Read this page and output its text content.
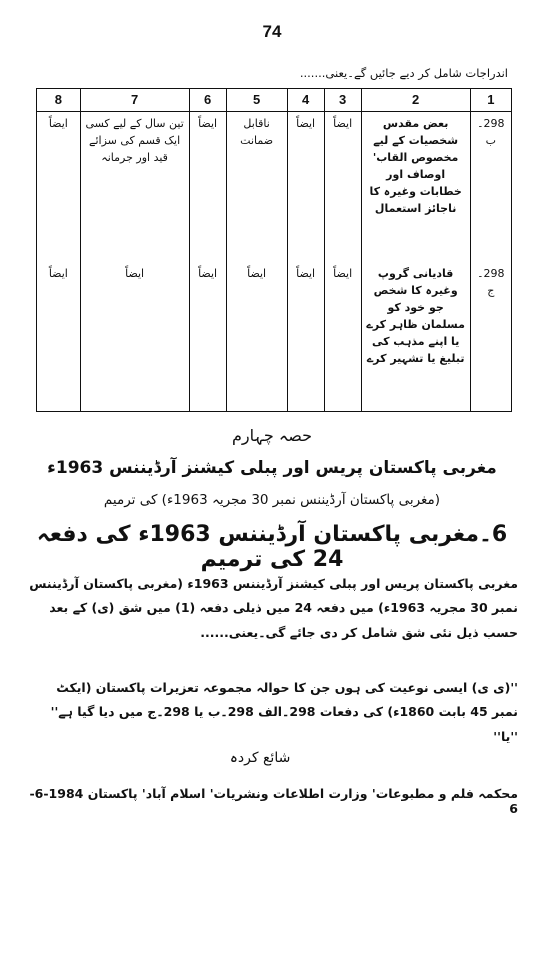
74
اندراجات شامل کر دیے جائیں گے۔یعنی.......
1	2	3	4	5	6	7	8
298۔ ب	بعض مقدس شخصیات کے لیے مخصوص القاب' اوصاف اور خطابات وغیرہ کا ناجائز استعمال	ایضاً	ایضاً	ناقابل ضمانت	ایضاً	تین سال کے لیے کسی ایک قسم کی سزائے قید اور جرمانہ	ایضاً
298۔ ج	قادیانی گروپ وغیرہ کا شخص جو خود کو مسلمان ظاہر کرے یا اپنے مذہب کی تبلیغ یا تشہیر کرے	ایضاً	ایضاً	ایضاً	ایضاً	ایضاً	ایضاً
حصہ چہارم
مغربی پاکستان پریس اور پبلی کیشنز آرڈیننس 1963ء
(مغربی پاکستان آرڈیننس نمبر 30 مجریہ 1963ء) کی ترمیم
6۔مغربی پاکستان آرڈیننس 1963ء کی دفعہ 24 کی ترمیم
مغربی پاکستان پریس اور پبلی کیشنز آرڈیننس 1963ء (مغربی پاکستان آرڈیننس نمبر 30 مجریہ 1963ء) میں دفعہ 24 میں ذیلی دفعہ (1) میں شق (ی) کے بعد حسب ذیل نئی شق شامل کر دی جائے گی۔یعنی......
''(ی ی) ایسی نوعیت کی ہوں جن کا حوالہ مجموعہ تعزیرات پاکستان (ایکٹ نمبر 45 بابت 1860ء) کی دفعات 298۔الف 298۔ب یا 298۔ج میں دیا گیا ہے'' ''یا''
شائع کردہ
محکمہ فلم و مطبوعات' وزارت اطلاعات ونشریات' اسلام آباد' پاکستان 1984-6-6
